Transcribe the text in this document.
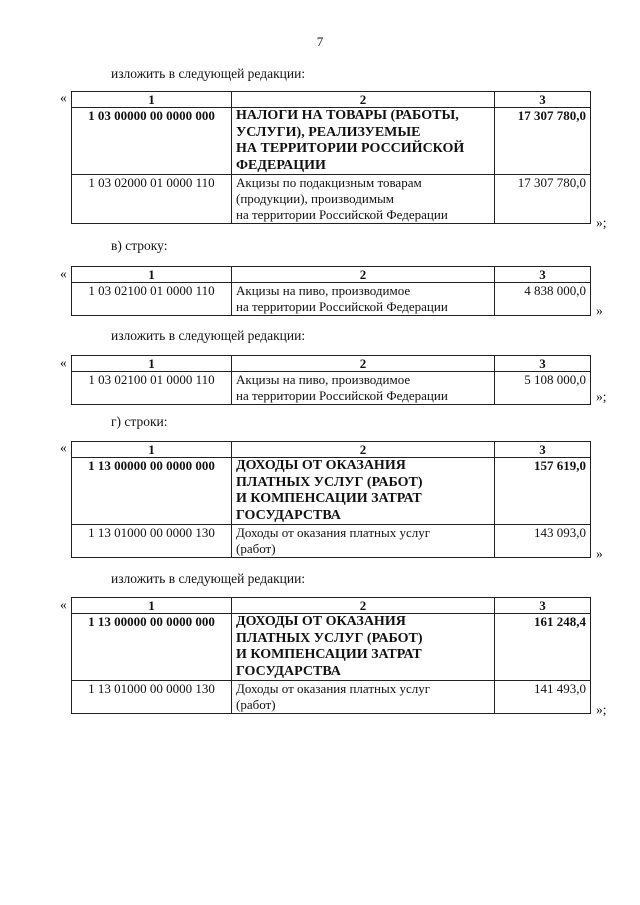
7
изложить в следующей редакции:
«	1	2	3
1 03 00000 00 0000 000	НАЛОГИ НА ТОВАРЫ (РАБОТЫ,
УСЛУГИ), РЕАЛИЗУЕМЫЕ
НА ТЕРРИТОРИИ РОССИЙСКОЙ
ФЕДЕРАЦИИ	17 307 780,0
1 03 02000 01 0000 110	Акцизы по подакцизным товарам
(продукции), производимым
на территории Российской Федерации	17 307 780,0
»;
в) строку:
«	1	2	3
1 03 02100 01 0000 110	Акцизы на пиво, производимое
на территории Российской Федерации	4 838 000,0
»
изложить в следующей редакции:
«	1	2	3
1 03 02100 01 0000 110	Акцизы на пиво, производимое
на территории Российской Федерации	5 108 000,0
»;
г) строки:
«	1	2	3
1 13 00000 00 0000 000	ДОХОДЫ ОТ ОКАЗАНИЯ
ПЛАТНЫХ УСЛУГ (РАБОТ)
И КОМПЕНСАЦИИ ЗАТРАТ
ГОСУДАРСТВА	157 619,0
1 13 01000 00 0000 130	Доходы от оказания платных услуг
(работ)	143 093,0
»
изложить в следующей редакции:
«	1	2	3
1 13 00000 00 0000 000	ДОХОДЫ ОТ ОКАЗАНИЯ
ПЛАТНЫХ УСЛУГ (РАБОТ)
И КОМПЕНСАЦИИ ЗАТРАТ
ГОСУДАРСТВА	161 248,4
1 13 01000 00 0000 130	Доходы от оказания платных услуг
(работ)	141 493,0
»;
